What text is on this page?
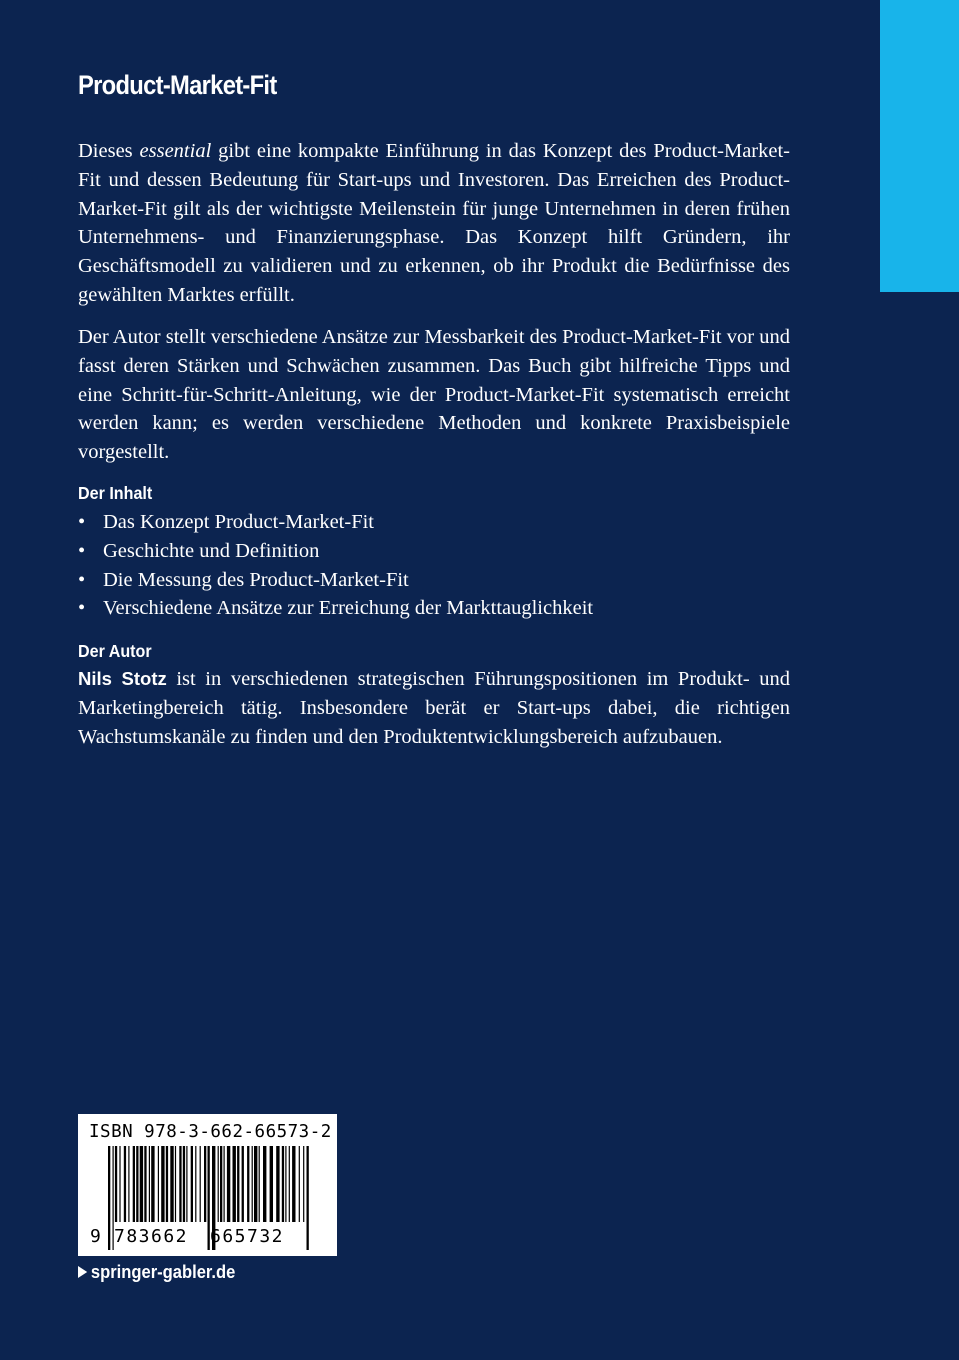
Product-Market-Fit

Dieses essential gibt eine kompakte Einführung in das Konzept des Product-Market-Fit und dessen Bedeutung für Start-ups und Investoren. Das Erreichen des Product-Market-Fit gilt als der wichtigste Meilenstein für junge Unternehmen in deren frühen Unternehmens- und Finanzierungsphase. Das Konzept hilft Gründern, ihr Geschäftsmodell zu validieren und zu erkennen, ob ihr Produkt die Bedürfnisse des gewählten Marktes erfüllt.

Der Autor stellt verschiedene Ansätze zur Messbarkeit des Product-Market-Fit vor und fasst deren Stärken und Schwächen zusammen. Das Buch gibt hilfreiche Tipps und eine Schritt-für-Schritt-Anleitung, wie der Product-Market-Fit systematisch erreicht werden kann; es werden verschiedene Methoden und konkrete Praxisbeispiele vorgestellt.

Der Inhalt
• Das Konzept Product-Market-Fit
• Geschichte und Definition
• Die Messung des Product-Market-Fit
• Verschiedene Ansätze zur Erreichung der Markttauglichkeit
Der Autor

Nils Stotz ist in verschiedenen strategischen Führungspositionen im Produkt- und Marketingbereich tätig. Insbesondere berät er Start-ups dabei, die richtigen Wachstumskanäle zu finden und den Produktentwicklungsbereich aufzubauen.

ISBN 978-3-662-66573-2
9 783662 665732
springer-gabler.de
